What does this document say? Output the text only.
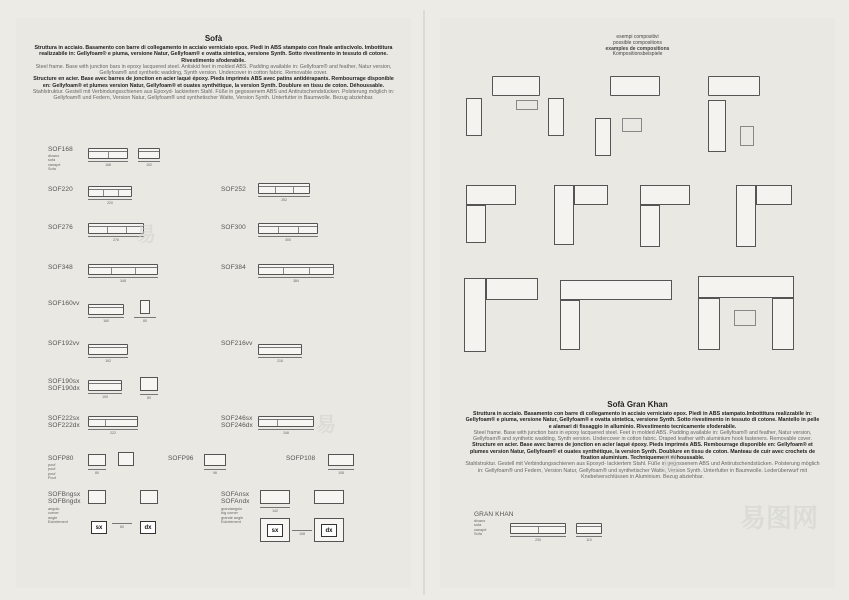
Sofà

Struttura in acciaio. Basamento con barre di collegamento in acciaio verniciato epox. Piedi in ABS stampato con finale antiscivolo. Imbottitura realizzabile in: Gellyfoam® e piuma, versione Natur, Gellyfoam® e ovatta sintetica, versione Synth. Sotto rivestimento in tessuto di cotone. Rivestimento sfoderabile.

Steel frame. Base with junction bars in epoxy lacquered steel. Antiskid feet in molded ABS. Padding available in: Gellyfoam® and feather, Natur version, Gellyfoam® and synthetic wadding, Synth version. Undercover in cotton fabric. Removable cover.

Structure en acier. Base avec barres de jonction en acier laqué époxy. Pieds imprimés ABS avec patins antidérapants. Rembourrage disponible en: Gellyfoam® et plumes version Natur, Gellyfoam® et ouates synthétique, la version Synth. Doublure en tissu de coton. Déhoussable.

Stahlstruktur. Gestell mit Verbindungsschienen aus Epoxyd- lackiertem Stahl. Füße in gegossenem ABS und Antirutschendstücken. Polsterung möglich in: Gellyfoam® und Federn, Version Natur, Gellyfoam® und synthetischer Watte, Version Synth. Unterfutter in Baumwolle. Bezug abziehbar.

SOF168
divano
sofa
canapé
Sofa
168	102
SOF220
220
SOF252
252
SOF276
276
SOF300
300
SOF348
348
SOF384
384
SOF160vv
160	80
SOF192vv
192
SOF216vv
216
SOF190sx
SOF190dx
190	80
SOF222sx
SOF222dx
222
SOF246sx
SOF246dx
246
SOFP80
pouf
pouf
pouf
Pouf
80
SOFP96
96
SOFP108
108
SOFBngsx
SOFBngdx
angolo
corner
angle
Eckelement
sx	dx
80
SOFAnsx
SOFAndx
grandangolo
big corner
grande angle
Eckelement
142
sx	dx
108
易
易
esempi compositivi
possible compositions
examples de compositions
Kompositionsbeispiele
Sofà Gran Khan

Struttura in acciaio. Basamento con barre di collegamento in acciaio verniciato epox. Piedi in ABS stampato.Imbottitura realizzabile in: Gellyfoam® e piuma, versione Natur, Gellyfoam® e ovatta sintetica, versione Synth. Sotto rivestimento in tessuto di cotone. Mantello in pelle e alamari di fissaggio in alluminio. Rivestimento tecnicamente sfoderabile.

Steel frame. Base with junction bars in epoxy lacquered steel. Feet in molded ABS. Padding available in: Gellyfoam® and feather, Natur version, Gellyfoam® and synthetic wadding, Synth version. Undercover in cotton fabric. Draped leather with aluminium hook fasteners. Removable cover.

Structure en acier. Base avec barres de jonction en acier laqué époxy. Pieds imprimés ABS. Rembourrage disponible en: Gellyfoam® et plumes version Natur, Gellyfoam® et ouates synthétique, la version Synth. Doublure en tissu de coton. Manteau de cuir avec crochets de fixation aluminium. Techniquement déhoussable.

Stahlstruktur. Gestell mit Verbindungsschienen aus Epoxyd- lackiertem Stahl. Füße in gegossenem ABS und Antirutschendstücken. Polsterung möglich in: Gellyfoam® und Federn, Version Natur, Gellyfoam® und synthetischer Watte, Version Synth. Unterfutter in Baumwolle. Lederüberwurf mit Knebelverschlüssen in Aluminium. Bezug abziehbar.

GRAN KHAN
divano
sofa
canapé
Sofa
230	110
易
易图网
